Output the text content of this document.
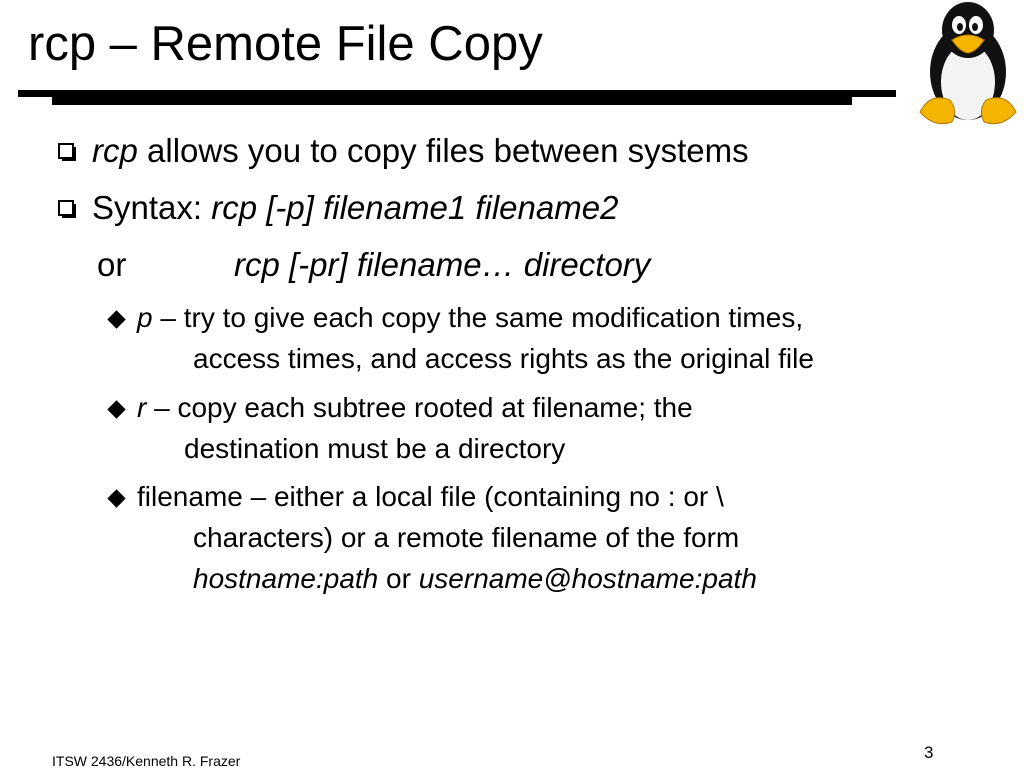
rcp – Remote File Copy
rcp allows you to copy files between systems
Syntax: rcp [-p] filename1 filename2
or	rcp [-pr] filename… directory
p – try to give each copy the same modification times,
access times, and access rights as the original file
r – copy each subtree rooted at filename; the
destination must be a directory
filename – either a local file (containing no : or \
characters) or a remote filename of the form
hostname:path or username@hostname:path
ITSW 2436/Kenneth R. Frazer	3
